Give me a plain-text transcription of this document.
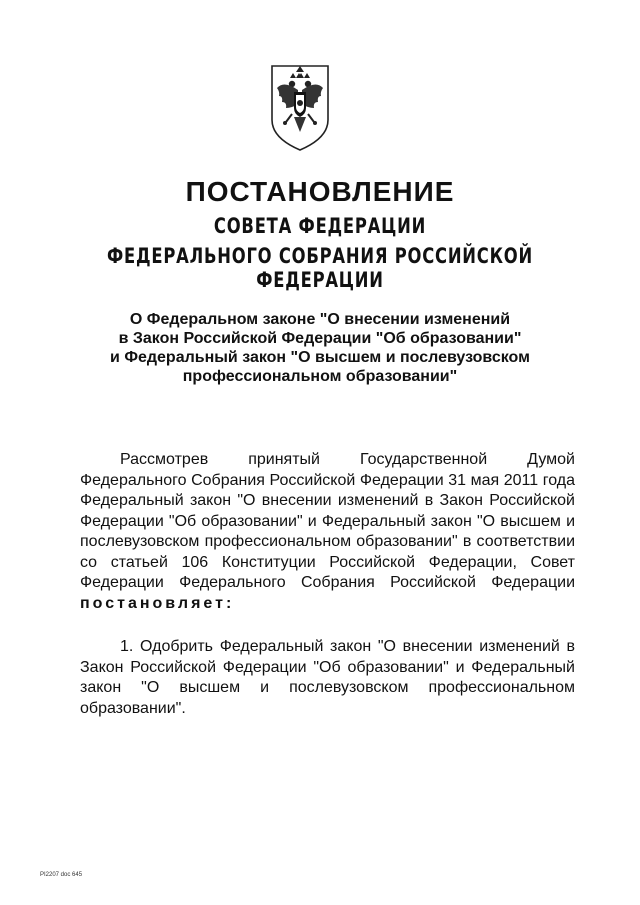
ПОСТАНОВЛЕНИЕ
СОВЕТА ФЕДЕРАЦИИ
ФЕДЕРАЛЬНОГО СОБРАНИЯ РОССИЙСКОЙ ФЕДЕРАЦИИ
О Федеральном законе "О внесении изменений
в Закон Российской Федерации "Об образовании"
и Федеральный закон "О высшем и послевузовском
профессиональном образовании"
Рассмотрев принятый Государственной Думой Федерального Собрания Российской Федерации 31 мая 2011 года Федеральный закон "О внесении изменений в Закон Российской Федерации "Об образовании" и Федеральный закон "О высшем и послевузовском профессиональном образовании" в соответствии со статьей 106 Конституции Российской Федерации, Совет Федерации Федерального Собрания Российской Федерации постановляет:
1. Одобрить Федеральный закон "О внесении изменений в Закон Российской Федерации "Об образовании" и Федеральный закон "О высшем и послевузовском профессиональном образовании".
PI2207 doc 645
